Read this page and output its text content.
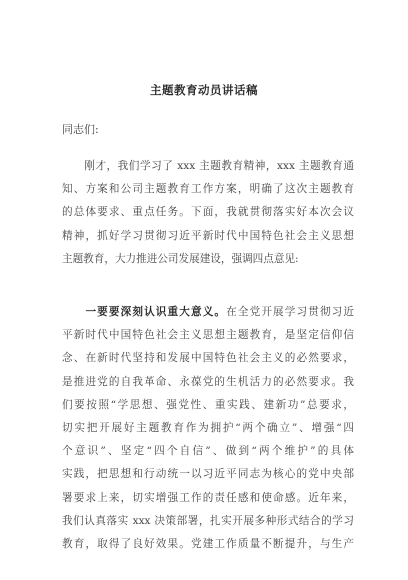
主题教育动员讲话稿
同志们:
　　刚才，我们学习了 xxx 主题教育精神，xxx 主题教育通
知、方案和公司主题教育工作方案，明确了这次主题教育
的总体要求、重点任务。下面，我就贯彻落实好本次会议
精神，抓好学习贯彻习近平新时代中国特色社会主义思想
主题教育，大力推进公司发展建设，强调四点意见:
　　一要要深刻认识重大意义。在全党开展学习贯彻习近
平新时代中国特色社会主义思想主题教育，是坚定信仰信
念、在新时代坚持和发展中国特色社会主义的必然要求，
是推进党的自我革命、永葆党的生机活力的必然要求。我
们要按照“学思想、强党性、重实践、建新功”总要求，
切实把开展好主题教育作为拥护“两个确立”、增强“四
个意识”、坚定“四个自信”、做到“两个维护”的具体
实践，把思想和行动统一以习近平同志为核心的党中央部
署要求上来，切实增强工作的责任感和使命感。近年来，
我们认真落实 xxx 决策部署，扎实开展多种形式结合的学习
教育，取得了良好效果。党建工作质量不断提升，与生产
